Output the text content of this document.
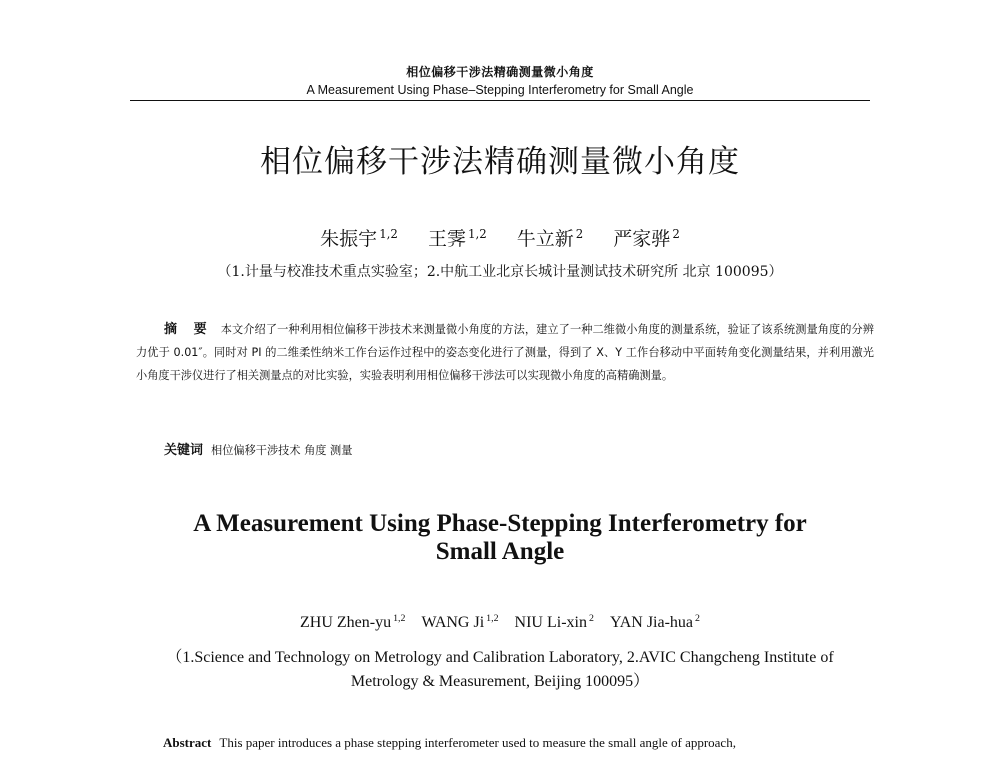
相位偏移干涉法精确测量微小角度
A Measurement Using Phase–Stepping Interferometry for Small Angle
相位偏移干涉法精确测量微小角度
朱振宇 $^{1,2}$ 王霁 $^{1,2}$ 牛立新 $^2$ 严家骅 $^2$
（1.计量与校准技术重点实验室；2.中航工业北京长城计量测试技术研究所 北京 100095）
摘 要 本文介绍了一种利用相位偏移干涉技术来测量微小角度的方法，建立了一种二维微小角度的测量系统，验证了该系统测量角度的分辨力优于 0.01″。同时对 PI 的二维柔性纳米工作台运作过程中的姿态变化进行了测量，得到了 X、Y 工作台移动中平面转角变化测量结果，并利用激光小角度干涉仪进行了相关测量点的对比实验，实验表明利用相位偏移干涉法可以实现微小角度的高精确测量。
关键词 相位偏移干涉技术 角度 测量
A Measurement Using Phase-Stepping Interferometry for
Small Angle
ZHU Zhen-yu $^{1,2}$ WANG Ji $^{1,2}$ NIU Li-xin $^2$ YAN Jia-hua $^2$
（1.Science and Technology on Metrology and Calibration Laboratory, 2.AVIC Changcheng Institute of
Metrology & Measurement, Beijing 100095）
Abstract This paper introduces a phase stepping interferometer used to measure the small angle of approach,
